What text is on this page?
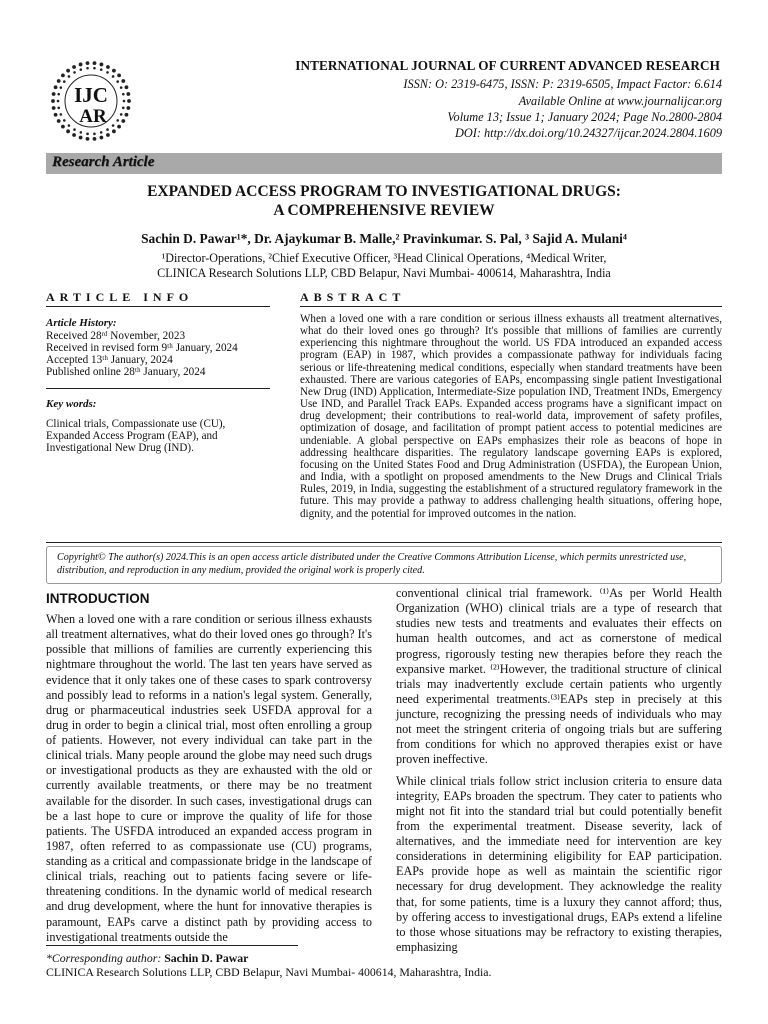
IJC
AR
INTERNATIONAL JOURNAL OF CURRENT ADVANCED RESEARCH
ISSN: O: 2319-6475, ISSN: P: 2319-6505, Impact Factor: 6.614
Available Online at www.journalijcar.org
Volume 13; Issue 1; January 2024; Page No.2800-2804
DOI: http://dx.doi.org/10.24327/ijcar.2024.2804.1609
Research Article
EXPANDED ACCESS PROGRAM TO INVESTIGATIONAL DRUGS:
A COMPREHENSIVE REVIEW
Sachin D. Pawar¹*, Dr. Ajaykumar B. Malle,² Pravinkumar. S. Pal, ³ Sajid A. Mulani⁴
¹Director-Operations, ²Chief Executive Officer, ³Head Clinical Operations, ⁴Medical Writer,
CLINICA Research Solutions LLP, CBD Belapur, Navi Mumbai- 400614, Maharashtra, India
ARTICLE INFO	ABSTRACT
Article History:
Received 28ʳᵈ November, 2023
Received in revised form 9ᵗʰ January, 2024
Accepted 13ᵗʰ January, 2024
Published online 28ᵗʰ January, 2024
Key words:
Clinical trials, Compassionate use (CU), Expanded Access Program (EAP), and Investigational New Drug (IND).
When a loved one with a rare condition or serious illness exhausts all treatment alternatives, what do their loved ones go through? It's possible that millions of families are currently experiencing this nightmare throughout the world. US FDA introduced an expanded access program (EAP) in 1987, which provides a compassionate pathway for individuals facing serious or life-threatening medical conditions, especially when standard treatments have been exhausted. There are various categories of EAPs, encompassing single patient Investigational New Drug (IND) Application, Intermediate-Size population IND, Treatment INDs, Emergency Use IND, and Parallel Track EAPs. Expanded access programs have a significant impact on drug development; their contributions to real-world data, improvement of safety profiles, optimization of dosage, and facilitation of prompt patient access to potential medicines are undeniable. A global perspective on EAPs emphasizes their role as beacons of hope in addressing healthcare disparities. The regulatory landscape governing EAPs is explored, focusing on the United States Food and Drug Administration (USFDA), the European Union, and India, with a spotlight on proposed amendments to the New Drugs and Clinical Trials Rules, 2019, in India, suggesting the establishment of a structured regulatory framework in the future. This may provide a pathway to address challenging health situations, offering hope, dignity, and the potential for improved outcomes in the nation.
Copyright© The author(s) 2024.This is an open access article distributed under the Creative Commons Attribution License, which permits unrestricted use, distribution, and reproduction in any medium, provided the original work is properly cited.
INTRODUCTION

When a loved one with a rare condition or serious illness exhausts all treatment alternatives, what do their loved ones go through? It's possible that millions of families are currently experiencing this nightmare throughout the world. The last ten years have served as evidence that it only takes one of these cases to spark controversy and possibly lead to reforms in a nation's legal system. Generally, drug or pharmaceutical industries seek USFDA approval for a drug in order to begin a clinical trial, most often enrolling a group of patients. However, not every individual can take part in the clinical trials. Many people around the globe may need such drugs or investigational products as they are exhausted with the old or currently available treatments, or there may be no treatment available for the disorder. In such cases, investigational drugs can be a last hope to cure or improve the quality of life for those patients. The USFDA introduced an expanded access program in 1987, often referred to as compassionate use (CU) programs, standing as a critical and compassionate bridge in the landscape of clinical trials, reaching out to patients facing severe or life-threatening conditions. In the dynamic world of medical research and drug development, where the hunt for innovative therapies is paramount, EAPs carve a distinct path by providing access to investigational treatments outside the

conventional clinical trial framework. ⁽¹⁾As per World Health Organization (WHO) clinical trials are a type of research that studies new tests and treatments and evaluates their effects on human health outcomes, and act as cornerstone of medical progress, rigorously testing new therapies before they reach the expansive market. ⁽²⁾However, the traditional structure of clinical trials may inadvertently exclude certain patients who urgently need experimental treatments.⁽³⁾EAPs step in precisely at this juncture, recognizing the pressing needs of individuals who may not meet the stringent criteria of ongoing trials but are suffering from conditions for which no approved therapies exist or have proven ineffective.

While clinical trials follow strict inclusion criteria to ensure data integrity, EAPs broaden the spectrum. They cater to patients who might not fit into the standard trial but could potentially benefit from the experimental treatment. Disease severity, lack of alternatives, and the immediate need for intervention are key considerations in determining eligibility for EAP participation. EAPs provide hope as well as maintain the scientific rigor necessary for drug development. They acknowledge the reality that, for some patients, time is a luxury they cannot afford; thus, by offering access to investigational drugs, EAPs extend a lifeline to those whose situations may be refractory to existing therapies, emphasizing

*Corresponding author: Sachin D. Pawar
CLINICA Research Solutions LLP, CBD Belapur, Navi Mumbai- 400614, Maharashtra, India.
